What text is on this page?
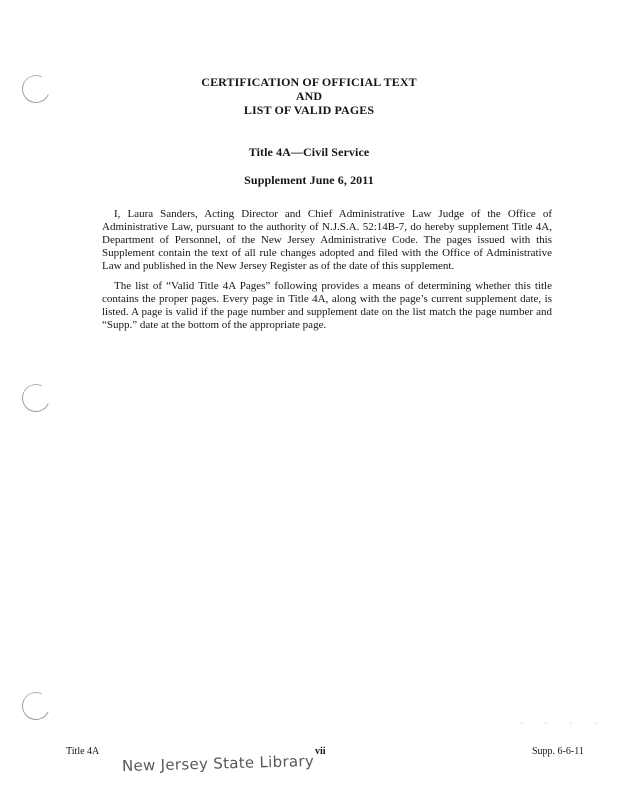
CERTIFICATION OF OFFICIAL TEXT
AND
LIST OF VALID PAGES
Title 4A—Civil Service
Supplement June 6, 2011

I, Laura Sanders, Acting Director and Chief Administrative Law Judge of the Office of Administrative Law, pursuant to the authority of N.J.S.A. 52:14B-7, do hereby supplement Title 4A, Department of Personnel, of the New Jersey Administrative Code. The pages issued with this Supplement contain the text of all rule changes adopted and filed with the Office of Administrative Law and published in the New Jersey Register as of the date of this supplement.

The list of “Valid Title 4A Pages” following provides a means of determining whether this title contains the proper pages. Every page in Title 4A, along with the page’s current supplement date, is listed. A page is valid if the page number and supplement date on the list match the page number and “Supp.” date at the bottom of the appropriate page.

· · · ·
Title 4A	vii	Supp. 6-6-11
New Jersey State Library
